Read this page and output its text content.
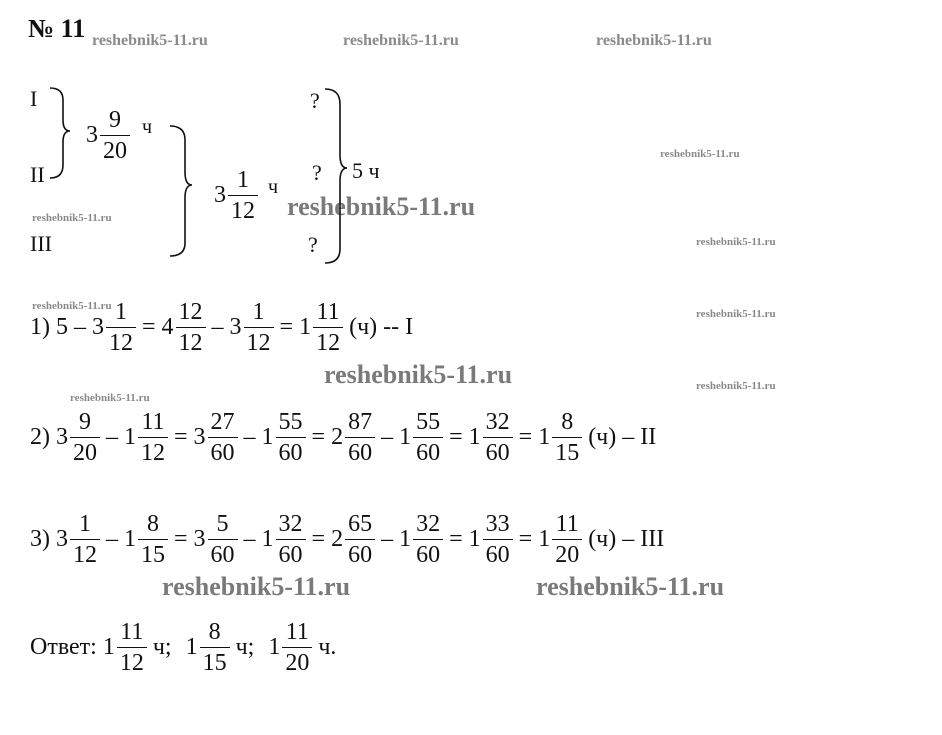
№ 11 reshebnik5-11.ru	reshebnik5-11.ru	reshebnik5-11.ru
reshebnik5-11.ru
reshebnik5-11.ru
reshebnik5-11.ru
reshebnik5-11.ru
reshebnik5-11.ru
reshebnik5-11.ru
reshebnik5-11.ru	reshebnik5-11.ru
reshebnik5-11.ru
reshebnik5-11.ru	reshebnik5-11.ru
I
II
III
$3 \frac{9}{20}$ ч
$3 \frac{1}{12}$ ч
?
?
?
5 ч
1) $5 - 3 \frac{1}{12} = 4 \frac{12}{12} - 3 \frac{1}{12} = 1 \frac{11}{12} (ч) -- I$
2) $3 \frac{9}{20} - 1 \frac{11}{12} = 3 \frac{27}{60} - 1 \frac{55}{60} = 2 \frac{87}{60} - 1 \frac{55}{60} = 1 \frac{32}{60} = 1 \frac{8}{15} (ч)$ – II
3) $3 \frac{1}{12} - 1 \frac{8}{15} = 3 \frac{5}{60} - 1 \frac{32}{60} = 2 \frac{65}{60} - 1 \frac{32}{60} = 1 \frac{33}{60} = 1 \frac{11}{20} (ч)$ – III
Ответ: $1 \frac{11}{12} ч$; $1 \frac{8}{15} ч$; $1 \frac{11}{20} ч$.
